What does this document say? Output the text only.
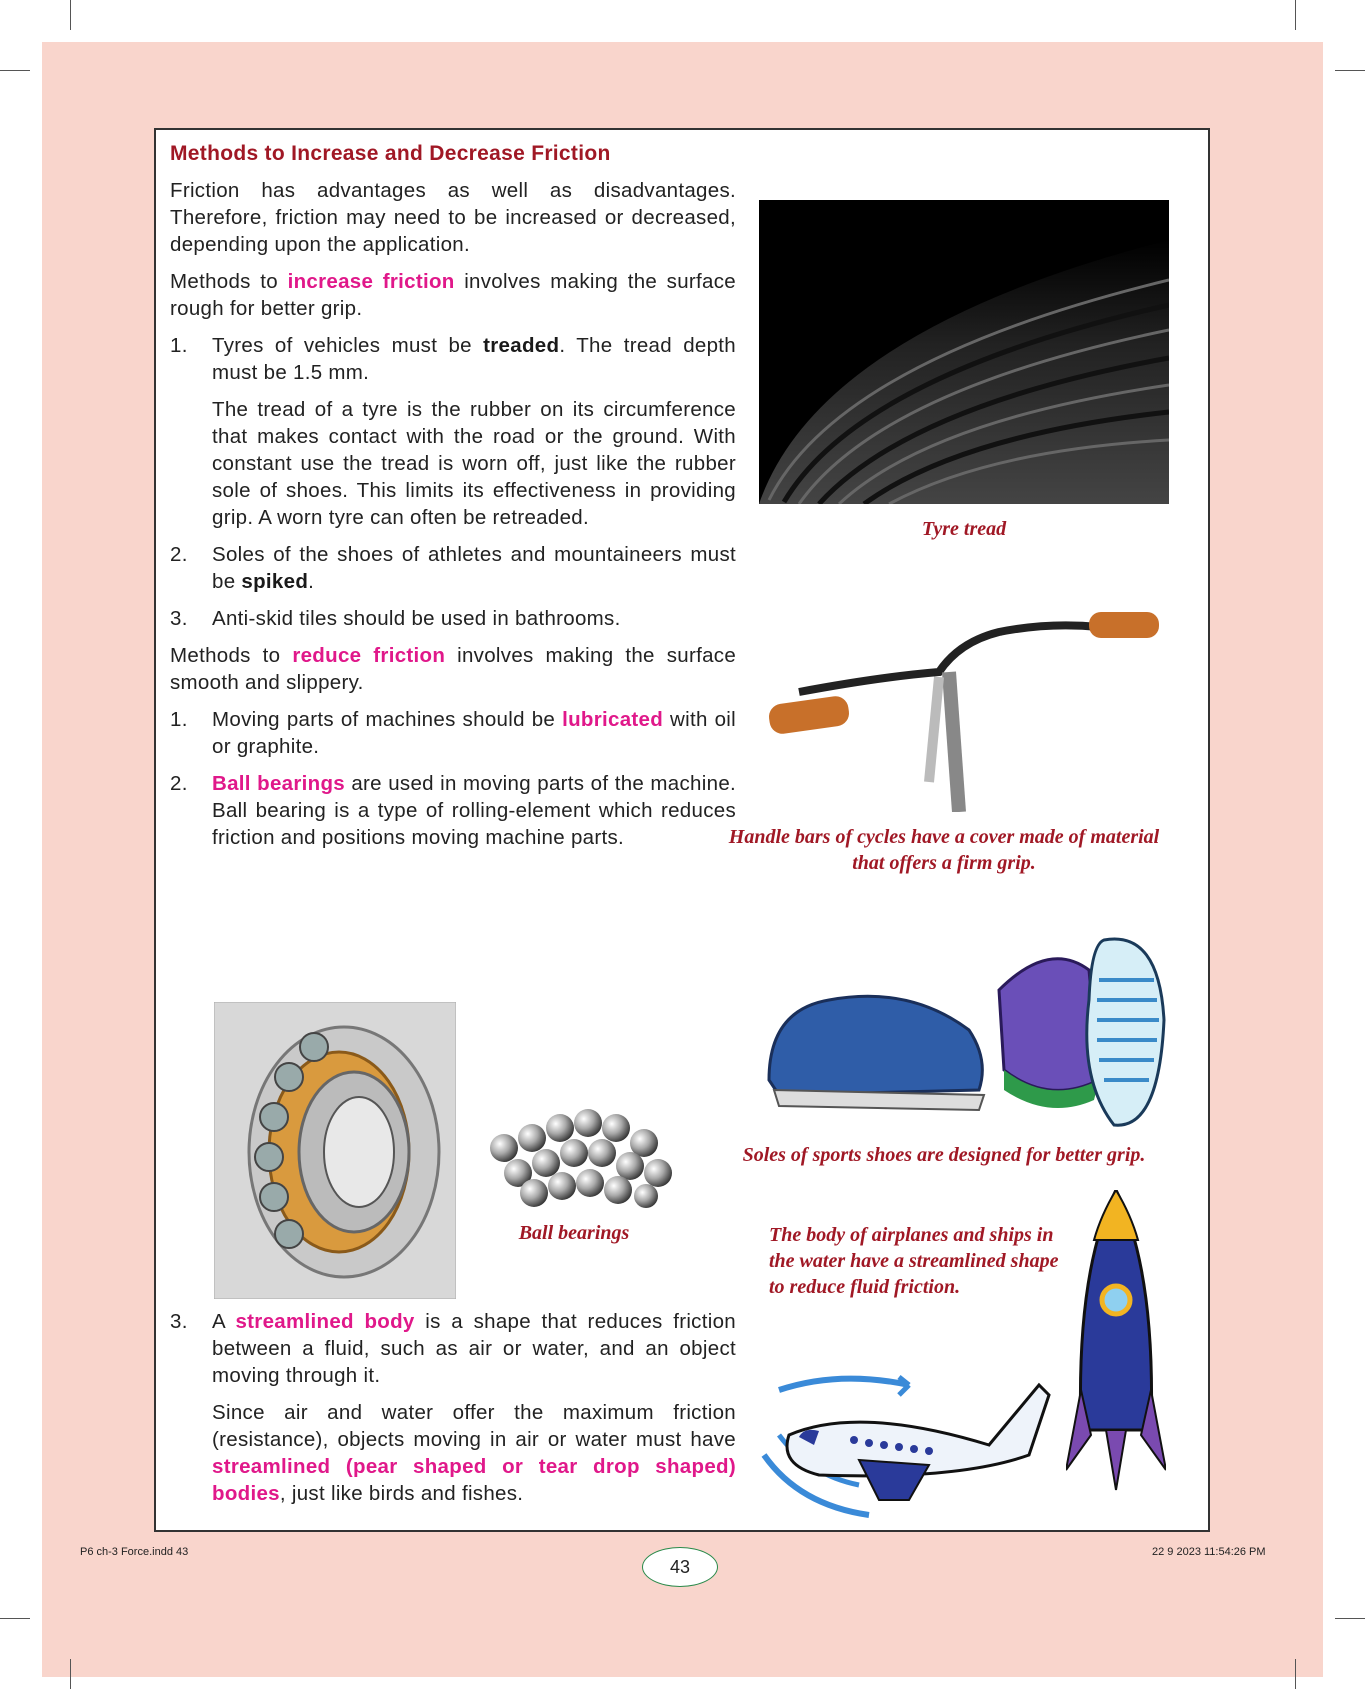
Methods to Increase and Decrease Friction

Friction has advantages as well as disadvantages. Therefore, friction may need to be increased or decreased, depending upon the application.

Methods to increase friction involves making the surface rough for better grip.

1. Tyres of vehicles must be treaded. The tread depth must be 1.5 mm.
The tread of a tyre is the rubber on its circumference that makes contact with the road or the ground. With constant use the tread is worn off, just like the rubber sole of shoes. This limits its effectiveness in providing grip. A worn tyre can often be retreaded.
2. Soles of the shoes of athletes and mountaineers must be spiked.
3. Anti-skid tiles should be used in bathrooms.

Methods to reduce friction involves making the surface smooth and slippery.

1. Moving parts of machines should be lubricated with oil or graphite.
2. Ball bearings are used in moving parts of the machine. Ball bearing is a type of rolling-element which reduces friction and positions moving machine parts.
3. A streamlined body is a shape that reduces friction between a fluid, such as air or water, and an object moving through it.
Since air and water offer the maximum friction (resistance), objects moving in air or water must have streamlined (pear shaped or tear drop shaped) bodies, just like birds and fishes.
Tyre tread
Handle bars of cycles have a cover made of material that offers a firm grip.
Soles of sports shoes are designed for better grip.
The body of airplanes and ships in the water have a streamlined shape to reduce fluid friction.
Ball bearings
43
P6 ch-3 Force.indd 43	22 9 2023 11:54:26 PM
